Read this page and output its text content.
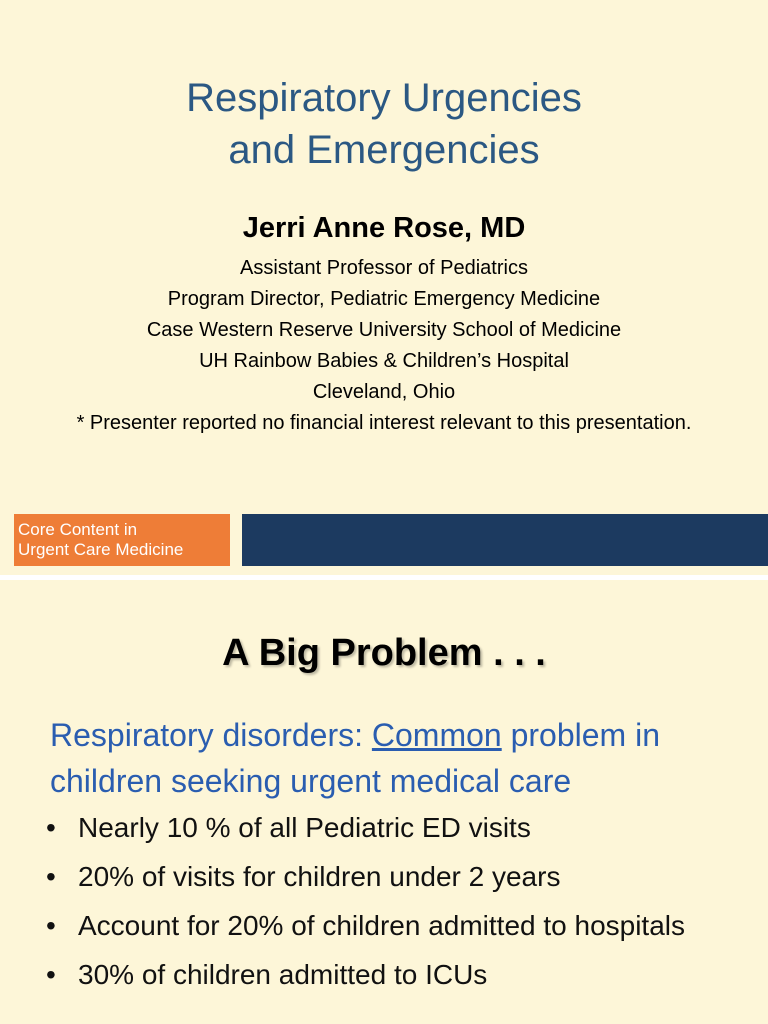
Respiratory Urgencies
and Emergencies
Jerri Anne Rose, MD
Assistant Professor of Pediatrics
Program Director, Pediatric Emergency Medicine
Case Western Reserve University School of Medicine
UH Rainbow Babies & Children’s Hospital
Cleveland, Ohio
* Presenter reported no financial interest relevant to this presentation.
Core Content in
Urgent Care Medicine
A Big Problem . . .
Respiratory disorders: Common problem in children seeking urgent medical care
• Nearly 10 % of all Pediatric ED visits
• 20% of visits for children under 2 years
• Account for 20% of children admitted to hospitals
• 30% of children admitted to ICUs
